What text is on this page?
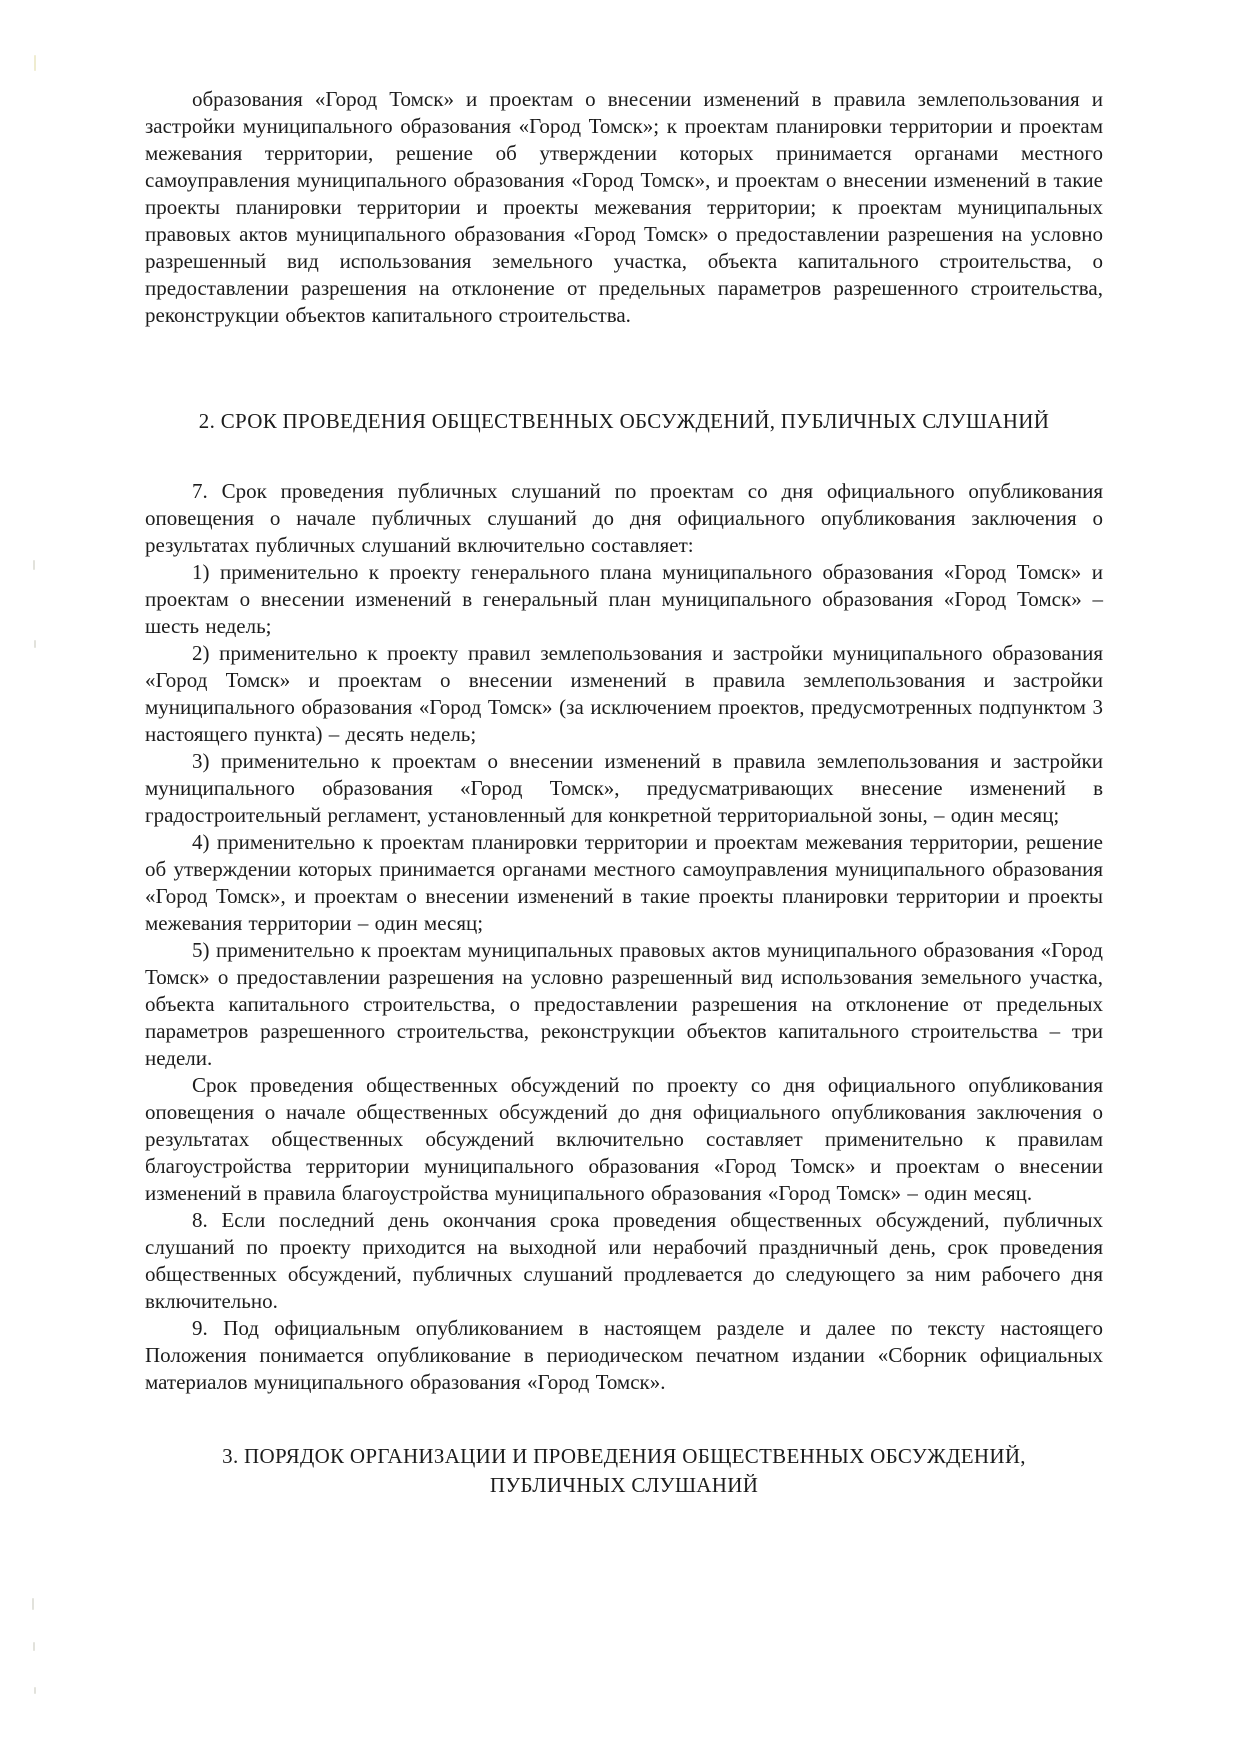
образования «Город Томск» и проектам о внесении изменений в правила землепользования и застройки муниципального образования «Город Томск»; к проектам планировки территории и проектам межевания территории, решение об утверждении которых принимается органами местного самоуправления муниципального образования «Город Томск», и проектам о внесении изменений в такие проекты планировки территории и проекты межевания территории; к проектам муниципальных правовых актов муниципального образования «Город Томск» о предоставлении разрешения на условно разрешенный вид использования земельного участка, объекта капитального строительства, о предоставлении разрешения на отклонение от предельных параметров разрешенного строительства, реконструкции объектов капитального строительства.

2. СРОК ПРОВЕДЕНИЯ ОБЩЕСТВЕННЫХ ОБСУЖДЕНИЙ, ПУБЛИЧНЫХ СЛУШАНИЙ

7. Срок проведения публичных слушаний по проектам со дня официального опубликования оповещения о начале публичных слушаний до дня официального опубликования заключения о результатах публичных слушаний включительно составляет:

1) применительно к проекту генерального плана муниципального образования «Город Томск» и проектам о внесении изменений в генеральный план муниципального образования «Город Томск» – шесть недель;

2) применительно к проекту правил землепользования и застройки муниципального образования «Город Томск» и проектам о внесении изменений в правила землепользования и застройки муниципального образования «Город Томск» (за исключением проектов, предусмотренных подпунктом 3 настоящего пункта) – десять недель;

3) применительно к проектам о внесении изменений в правила землепользования и застройки муниципального образования «Город Томск», предусматривающих внесение изменений в градостроительный регламент, установленный для конкретной территориальной зоны, – один месяц;

4) применительно к проектам планировки территории и проектам межевания территории, решение об утверждении которых принимается органами местного самоуправления муниципального образования «Город Томск», и проектам о внесении изменений в такие проекты планировки территории и проекты межевания территории – один месяц;

5) применительно к проектам муниципальных правовых актов муниципального образования «Город Томск» о предоставлении разрешения на условно разрешенный вид использования земельного участка, объекта капитального строительства, о предоставлении разрешения на отклонение от предельных параметров разрешенного строительства, реконструкции объектов капитального строительства – три недели.

Срок проведения общественных обсуждений по проекту со дня официального опубликования оповещения о начале общественных обсуждений до дня официального опубликования заключения о результатах общественных обсуждений включительно составляет применительно к правилам благоустройства территории муниципального образования «Город Томск» и проектам о внесении изменений в правила благоустройства муниципального образования «Город Томск» – один месяц.

8. Если последний день окончания срока проведения общественных обсуждений, публичных слушаний по проекту приходится на выходной или нерабочий праздничный день, срок проведения общественных обсуждений, публичных слушаний продлевается до следующего за ним рабочего дня включительно.

9. Под официальным опубликованием в настоящем разделе и далее по тексту настоящего Положения понимается опубликование в периодическом печатном издании «Сборник официальных материалов муниципального образования «Город Томск».

3. ПОРЯДОК ОРГАНИЗАЦИИ И ПРОВЕДЕНИЯ ОБЩЕСТВЕННЫХ ОБСУЖДЕНИЙ, ПУБЛИЧНЫХ СЛУШАНИЙ
